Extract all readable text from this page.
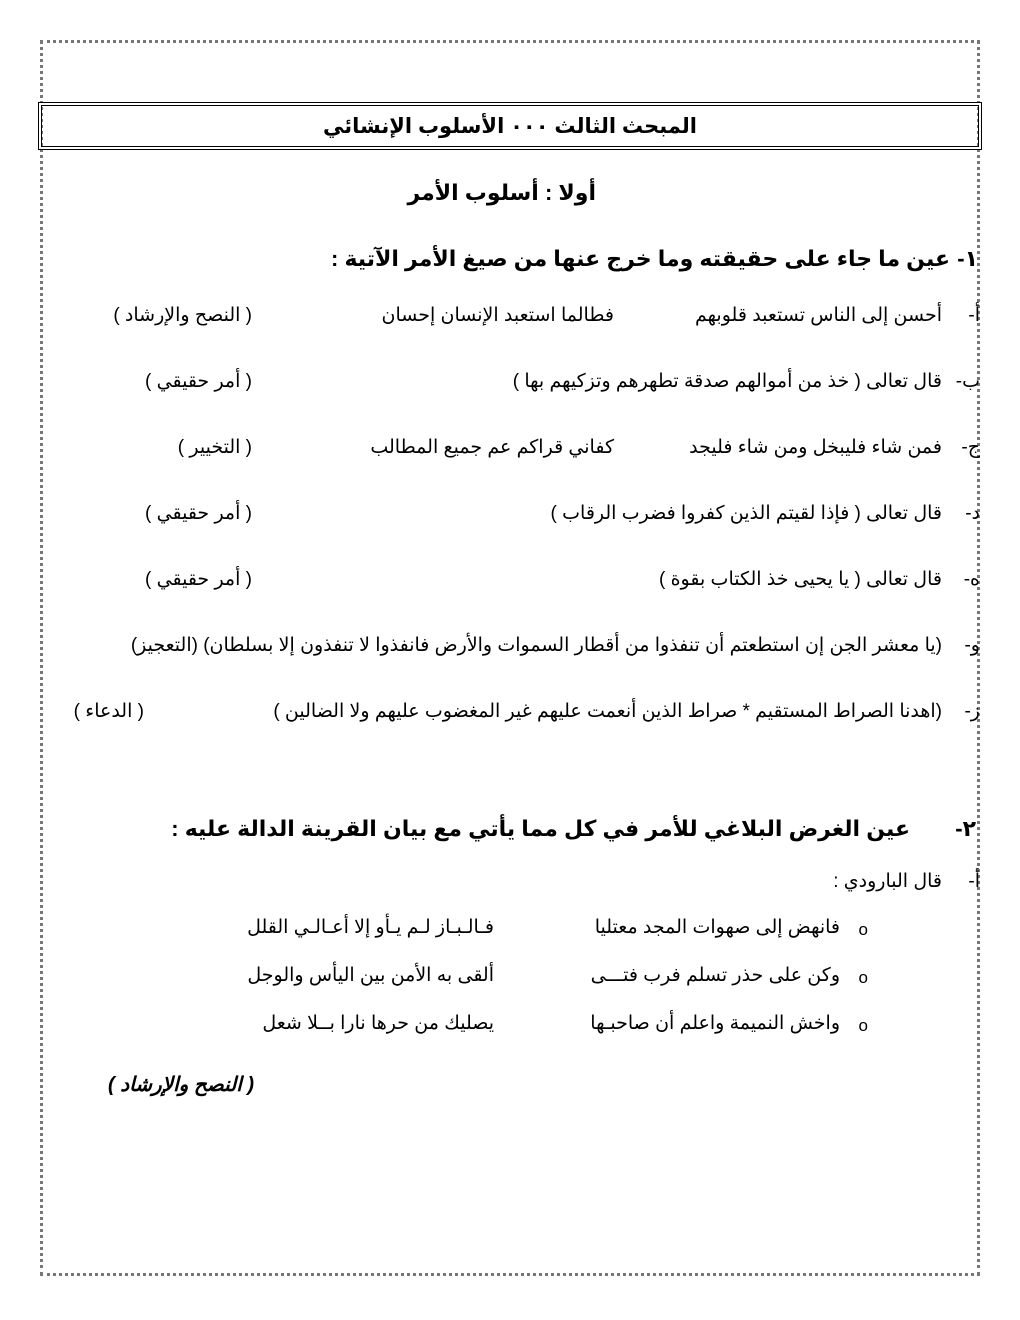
المبحث الثالث ٠٠٠ الأسلوب الإنشائي
أولا : أسلوب الأمر
١-
عين ما جاء على حقيقته وما خرج عنها من صيغ الأمر الآتية :
أ-
أحسن إلى الناس تستعبد قلوبهم
فطالما استعبد الإنسان إحسان
( النصح والإرشاد )
ب-
قال تعالى ( خذ من أموالهم صدقة تطهرهم وتزكيهم بها )
( أمر حقيقي )
ج-
فمن شاء فليبخل ومن شاء فليجد
كفاني قراكم عم جميع المطالب
( التخيير )
د-
قال تعالى ( فإذا لقيتم الذين كفروا فضرب الرقاب )
( أمر حقيقي )
ه-
قال تعالى ( يا يحيى خذ الكتاب بقوة )
( أمر حقيقي )
و-
(يا معشر الجن إن استطعتم أن تنفذوا من أقطار السموات والأرض فانفذوا لا تنفذون إلا بسلطان) (التعجيز)
ز-
(اهدنا الصراط المستقيم * صراط الذين أنعمت عليهم غير المغضوب عليهم ولا الضالين )
( الدعاء )
٢-
عين الغرض البلاغي للأمر في كل مما يأتي مع بيان القرينة الدالة عليه :
أ-
قال البارودي :
o
فانهض إلى صهوات المجد معتليا
فـالـبـاز لـم يـأو إلا أعـالـي القلل
o
وكن على حذر تسلم فرب فتـــى
ألقى به الأمن بين اليأس والوجل
o
واخش النميمة واعلم أن صاحبـها
يصليك من حرها نارا بــلا شعل
( النصح والإرشاد )
